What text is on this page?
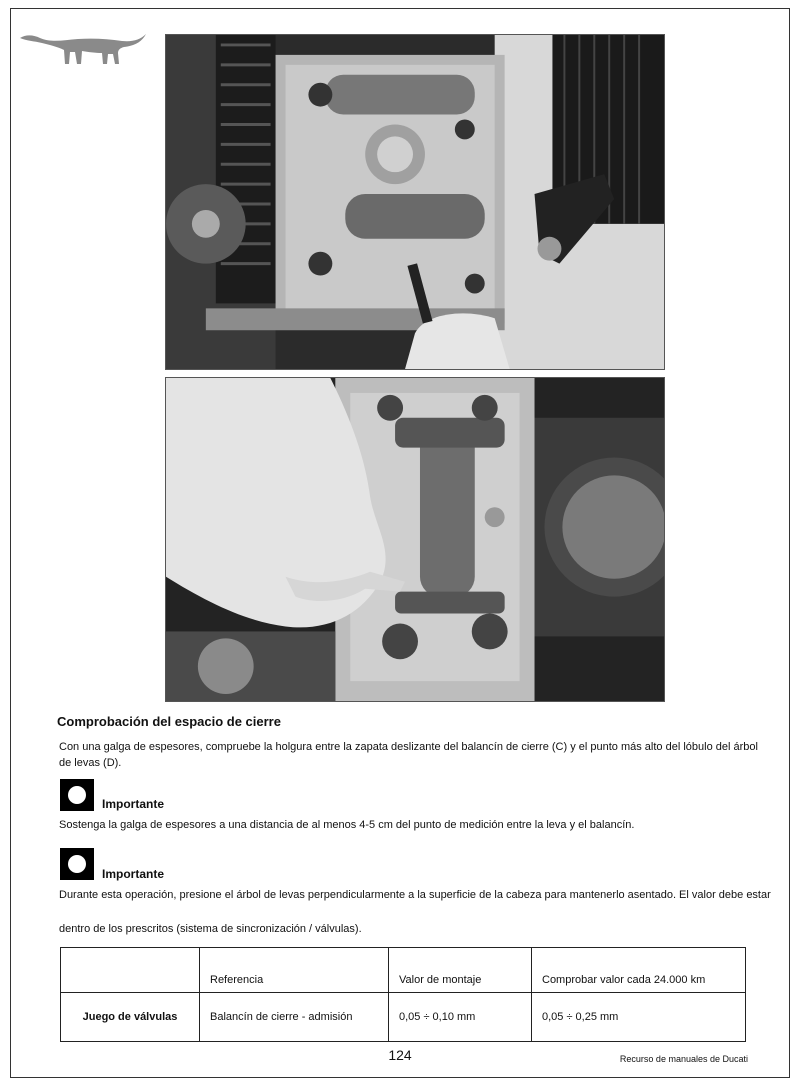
Comprobación del espacio de cierre
Con una galga de espesores, compruebe la holgura entre la zapata deslizante del balancín de cierre (C) y el punto más alto del lóbulo del árbol de levas (D).
Importante
Sostenga la galga de espesores a una distancia de al menos 4-5 cm del punto de medición entre la leva y el balancín.
Importante
Durante esta operación, presione el árbol de levas perpendicularmente a la superficie de la cabeza para mantenerlo asentado. El valor debe estar
dentro de los prescritos (sistema de sincronización / válvulas).
	Referencia	Valor de montaje	Comprobar valor cada 24.000 km
Juego de válvulas	Balancín de cierre - admisión	0,05 ÷ 0,10 mm	0,05 ÷ 0,25 mm
124	Recurso de manuales de Ducati
